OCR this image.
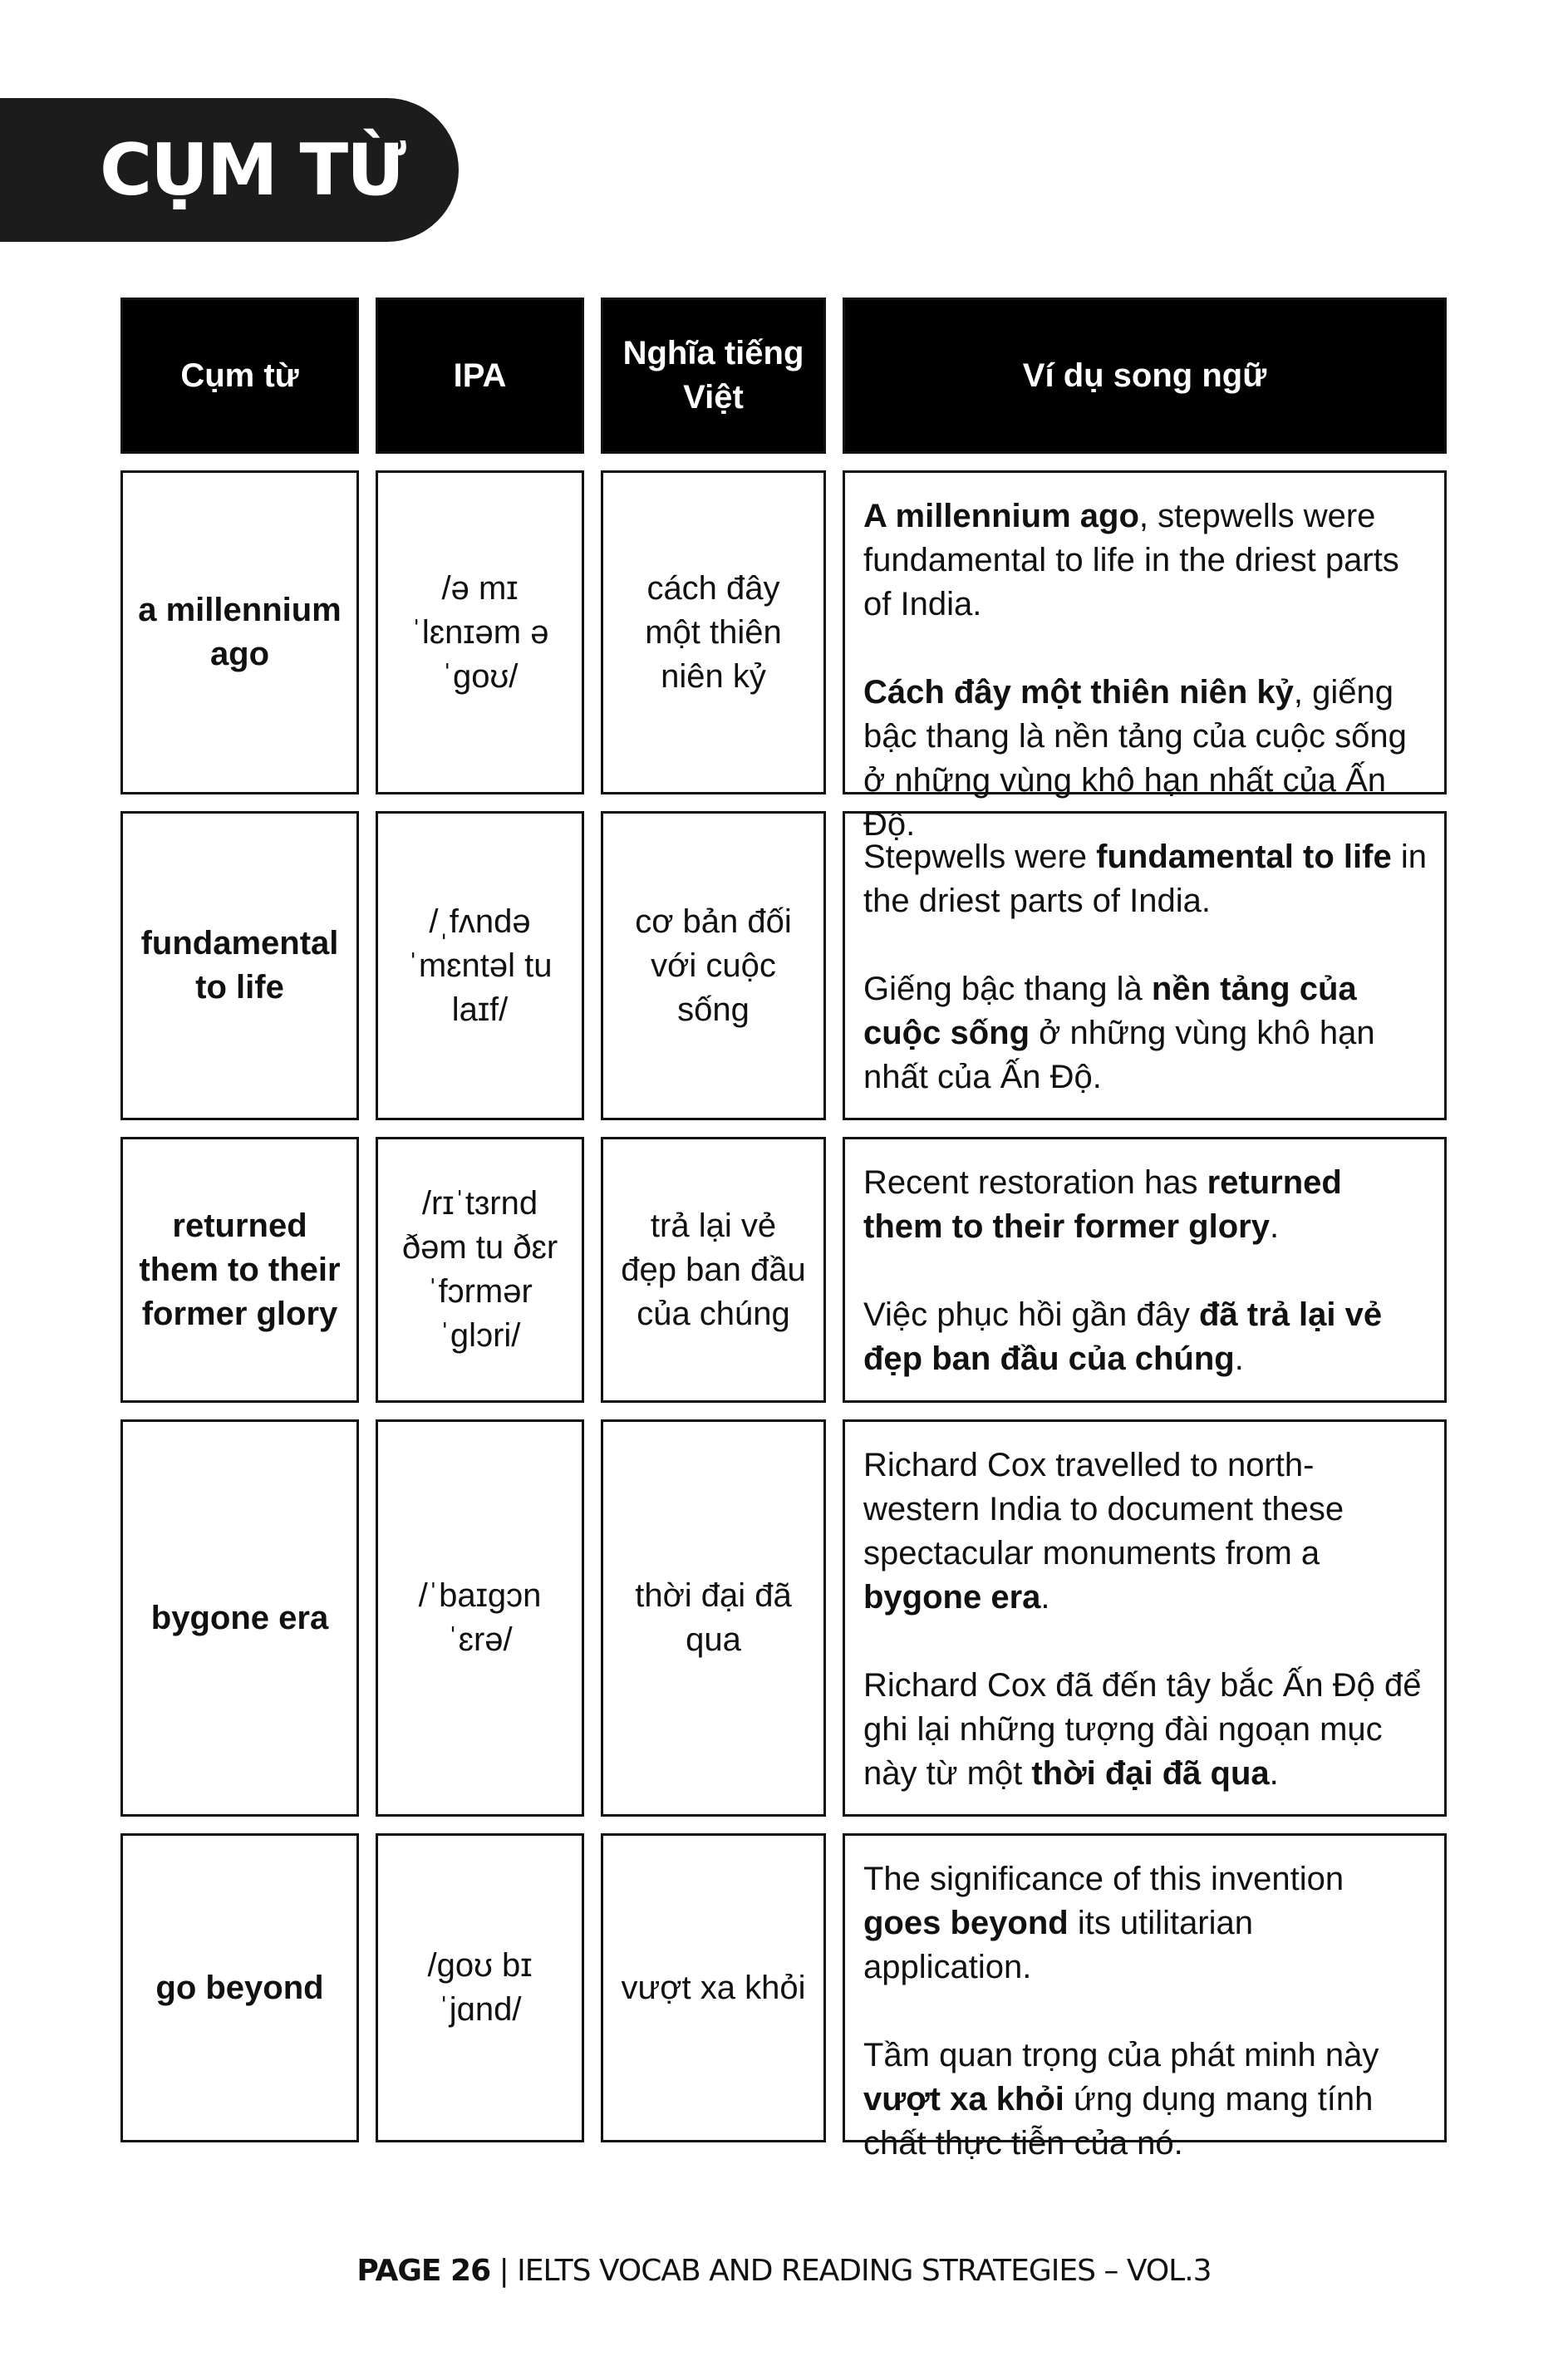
CỤM TỪ
Cụm từ	IPA
Nghĩa tiếng Việt
Ví dụ song ngữ
a millennium ago
/ə mɪˈlɛnɪəm əˈɡoʊ/
cách đây một thiên niên kỷ

A millennium ago, stepwells were fundamental to life in the driest parts of India.

Cách đây một thiên niên kỷ, giếng bậc thang là nền tảng của cuộc sống ở những vùng khô hạn nhất của Ấn Độ.

fundamental to life
/ˌfʌndə ˈmɛntəl tu laɪf/
cơ bản đối với cuộc sống

Stepwells were fundamental to life in the driest parts of India.

Giếng bậc thang là nền tảng của cuộc sống ở những vùng khô hạn nhất của Ấn Độ.

returned them to their former glory
/rɪˈtɜrnd ðəm tu ðɛr ˈfɔrmər ˈɡlɔri/
trả lại vẻ đẹp ban đầu của chúng

Recent restoration has returned them to their former glory.

Việc phục hồi gần đây đã trả lại vẻ đẹp ban đầu của chúng.

bygone era
/ˈbaɪɡɔn ˈɛrə/
thời đại đã qua

Richard Cox travelled to north-western India to document these spectacular monuments from a bygone era.

Richard Cox đã đến tây bắc Ấn Độ để ghi lại những tượng đài ngoạn mục này từ một thời đại đã qua.

go beyond
/ɡoʊ bɪ ˈjɑnd/
vượt xa khỏi

The significance of this invention goes beyond its utilitarian application.

Tầm quan trọng của phát minh này vượt xa khỏi ứng dụng mang tính chất thực tiễn của nó.

PAGE 26 | IELTS VOCAB AND READING STRATEGIES – VOL.3
